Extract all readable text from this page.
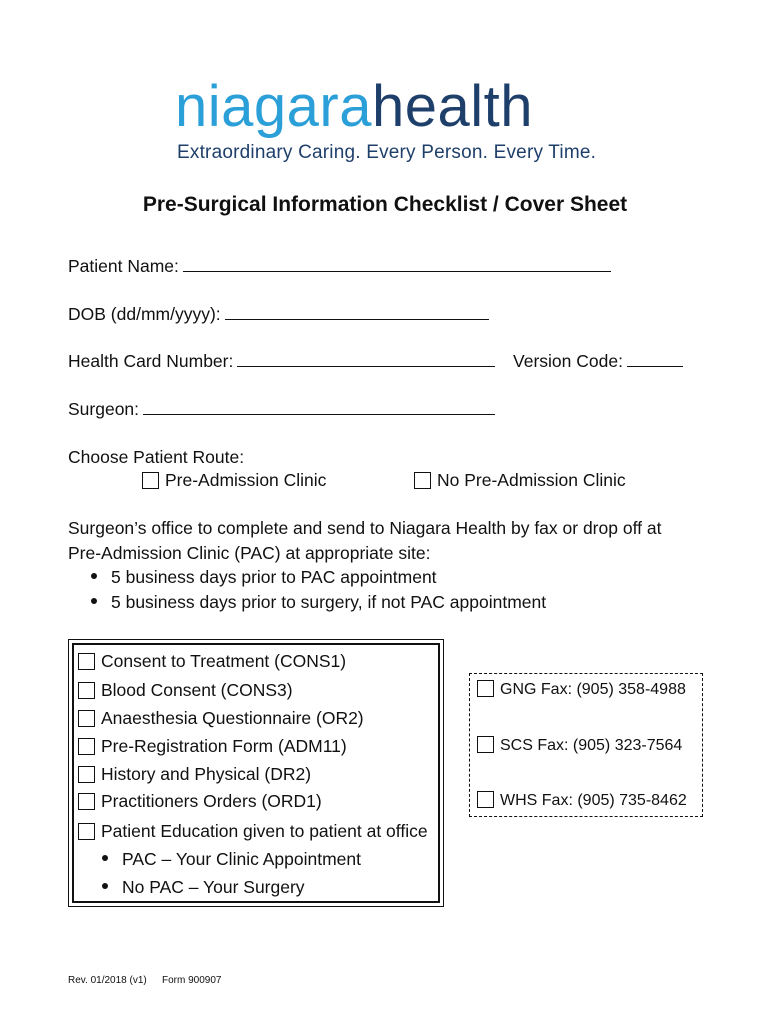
niagarahealth
Extraordinary Caring. Every Person. Every Time.
Pre-Surgical Information Checklist / Cover Sheet
Patient Name:
DOB (dd/mm/yyyy):
Health Card Number:	Version Code:
Surgeon:
Choose Patient Route:
Pre-Admission Clinic	No Pre-Admission Clinic
Surgeon’s office to complete and send to Niagara Health by fax or drop off at
Pre-Admission Clinic (PAC) at appropriate site:
5 business days prior to PAC appointment
5 business days prior to surgery, if not PAC appointment
Consent to Treatment (CONS1)
Blood Consent (CONS3)
Anaesthesia Questionnaire (OR2)
Pre-Registration Form (ADM11)
History and Physical (DR2)
Practitioners Orders (ORD1)
Patient Education given to patient at office
PAC – Your Clinic Appointment
No PAC – Your Surgery
GNG Fax: (905) 358-4988
SCS Fax: (905) 323-7564
WHS Fax: (905) 735-8462
Rev. 01/2018 (v1) Form 900907
